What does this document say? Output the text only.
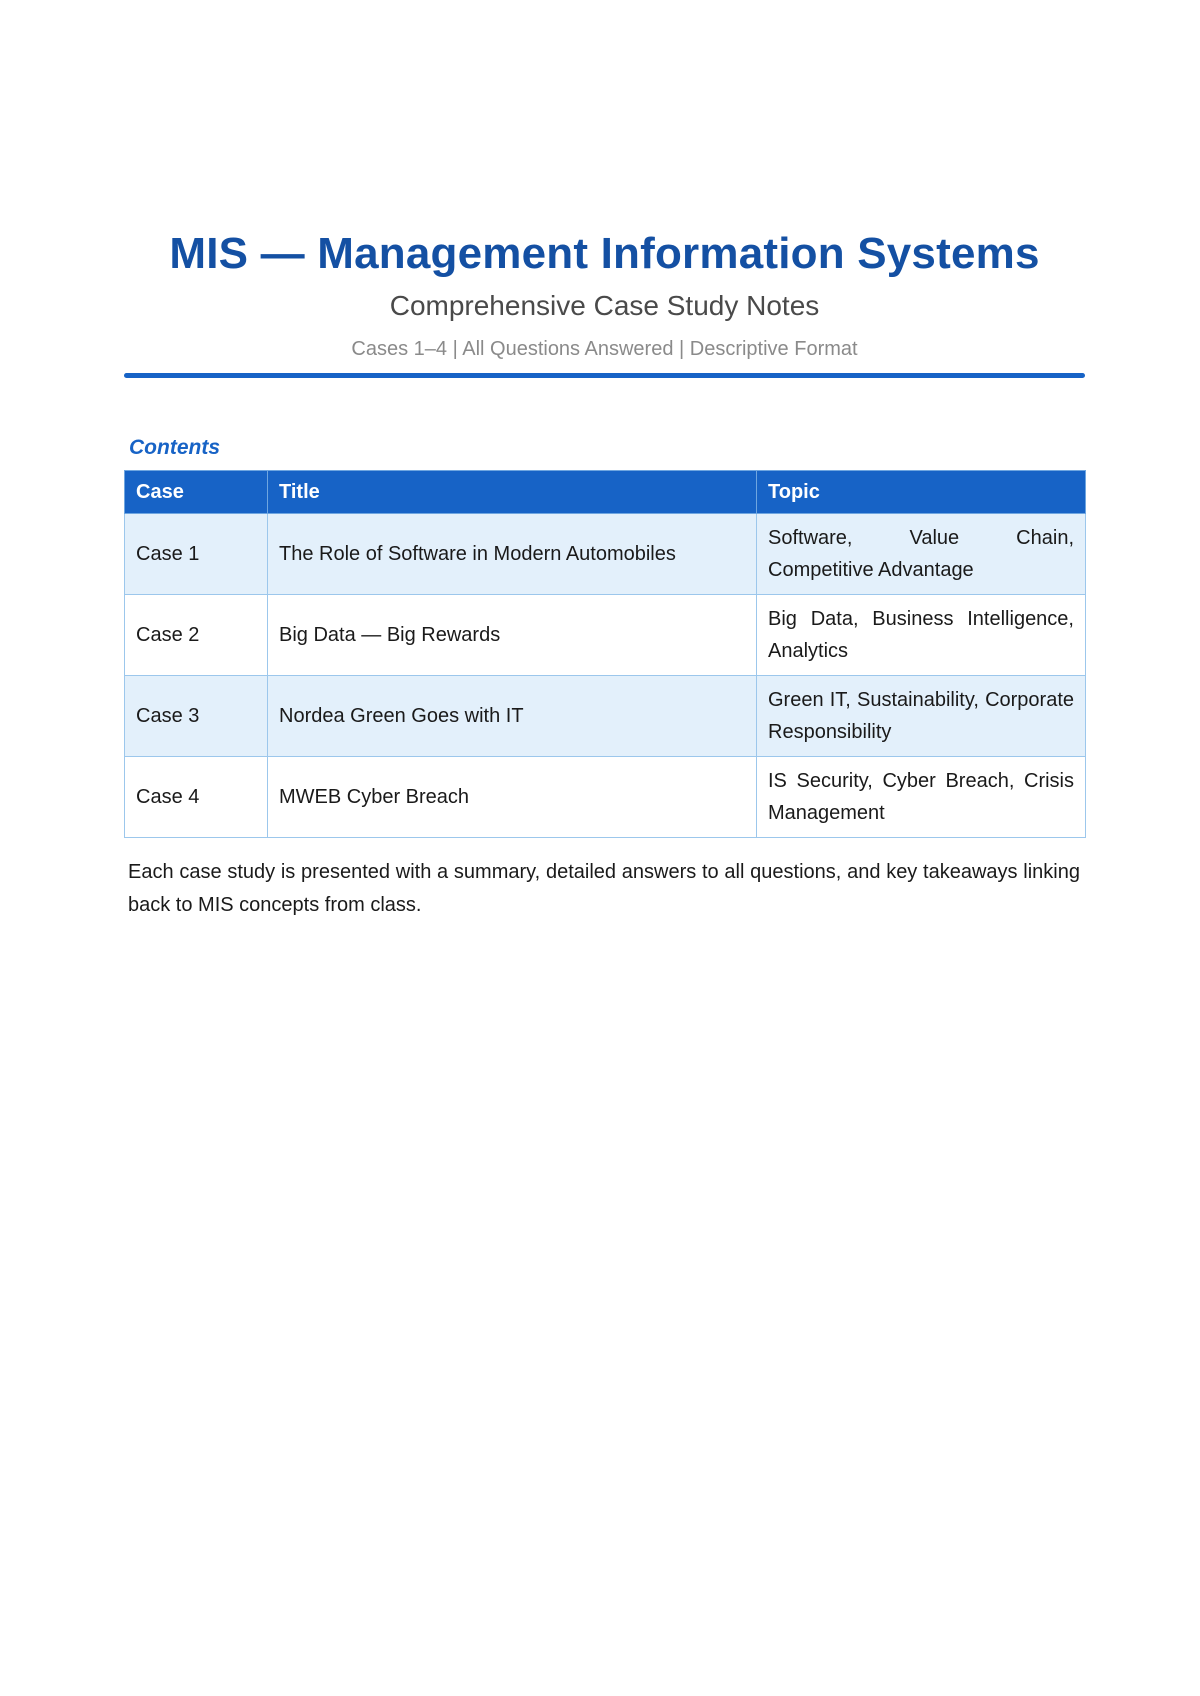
MIS — Management Information Systems
Comprehensive Case Study Notes
Cases 1–4 | All Questions Answered | Descriptive Format
Contents
Case	Title	Topic
Case 1	The Role of Software in Modern Automobiles	Software, Value Chain, Competitive Advantage
Case 2	Big Data — Big Rewards	Big Data, Business Intelligence, Analytics
Case 3	Nordea Green Goes with IT	Green IT, Sustainability, Corporate Responsibility
Case 4	MWEB Cyber Breach	IS Security, Cyber Breach, Crisis Management

Each case study is presented with a summary, detailed answers to all questions, and key takeaways linking back to MIS concepts from class.
